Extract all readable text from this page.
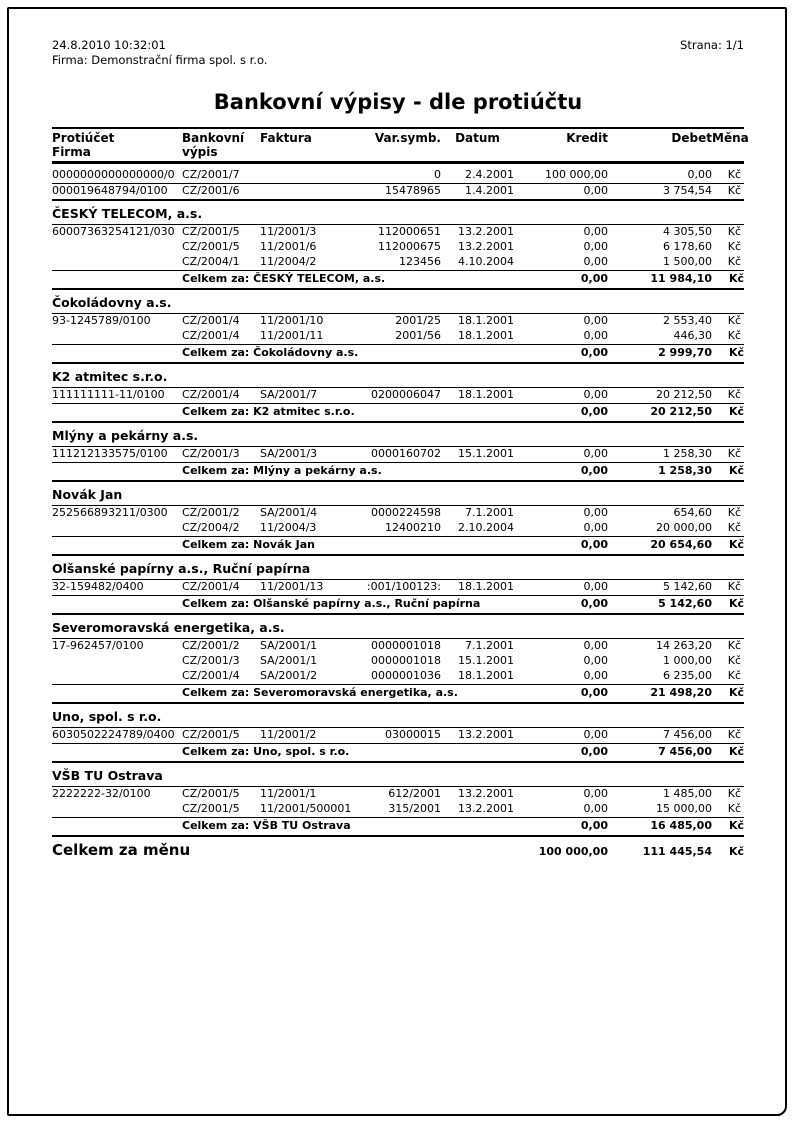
24.8.2010 10:32:01
Firma: Demonstrační firma spol. s r.o.
Strana: 1/1
Bankovní výpisy - dle protiúčtu
Protiúčet
Firma

Bankovní
výpis

Faktura	Var.symb.	Datum	Kredit	Debet	Měna

0000000000000000/0	CZ/2001/7		0	2.4.2001	100 000,00	0,00	Kč
000019648794/0100	CZ/2001/6		15478965	1.4.2001	0,00	3 754,54	Kč
ČESKÝ TELECOM, a.s.							
60007363254121/030	CZ/2001/5	11/2001/3	112000651	13.2.2001	0,00	4 305,50	Kč
	CZ/2001/5	11/2001/6	112000675	13.2.2001	0,00	6 178,60	Kč
	CZ/2004/1	11/2004/2	123456	4.10.2004	0,00	1 500,00	Kč
	Celkem za: ČESKÝ TELECOM, a.s.				0,00	11 984,10	Kč
Čokoládovny a.s.							
93-1245789/0100	CZ/2001/4	11/2001/10	2001/25	18.1.2001	0,00	2 553,40	Kč
	CZ/2001/4	11/2001/11	2001/56	18.1.2001	0,00	446,30	Kč
	Celkem za: Čokoládovny a.s.				0,00	2 999,70	Kč
K2 atmitec s.r.o.							
111111111-11/0100	CZ/2001/4	SA/2001/7	0200006047	18.1.2001	0,00	20 212,50	Kč
	Celkem za: K2 atmitec s.r.o.				0,00	20 212,50	Kč
Mlýny a pekárny a.s.							
111212133575/0100	CZ/2001/3	SA/2001/3	0000160702	15.1.2001	0,00	1 258,30	Kč
	Celkem za: Mlýny a pekárny a.s.				0,00	1 258,30	Kč
Novák Jan							
252566893211/0300	CZ/2001/2	SA/2001/4	0000224598	7.1.2001	0,00	654,60	Kč
	CZ/2004/2	11/2004/3	12400210	2.10.2004	0,00	20 000,00	Kč
	Celkem za: Novák Jan				0,00	20 654,60	Kč
Olšanské papírny a.s., Ruční papírna							
32-159482/0400	CZ/2001/4	11/2001/13	:001/100123:	18.1.2001	0,00	5 142,60	Kč
	Celkem za: Olšanské papírny a.s., Ruční papírna				0,00	5 142,60	Kč
Severomoravská energetika, a.s.							
17-962457/0100	CZ/2001/2	SA/2001/1	0000001018	7.1.2001	0,00	14 263,20	Kč
	CZ/2001/3	SA/2001/1	0000001018	15.1.2001	0,00	1 000,00	Kč
	CZ/2001/4	SA/2001/2	0000001036	18.1.2001	0,00	6 235,00	Kč
	Celkem za: Severomoravská energetika, a.s.				0,00	21 498,20	Kč
Uno, spol. s r.o.							
6030502224789/0400	CZ/2001/5	11/2001/2	03000015	13.2.2001	0,00	7 456,00	Kč
	Celkem za: Uno, spol. s r.o.				0,00	7 456,00	Kč
VŠB TU Ostrava							
2222222-32/0100	CZ/2001/5	11/2001/1	612/2001	13.2.2001	0,00	1 485,00	Kč
	CZ/2001/5	11/2001/500001	315/2001	13.2.2001	0,00	15 000,00	Kč
	Celkem za: VŠB TU Ostrava				0,00	16 485,00	Kč
Celkem za měnu					100 000,00	111 445,54	Kč
